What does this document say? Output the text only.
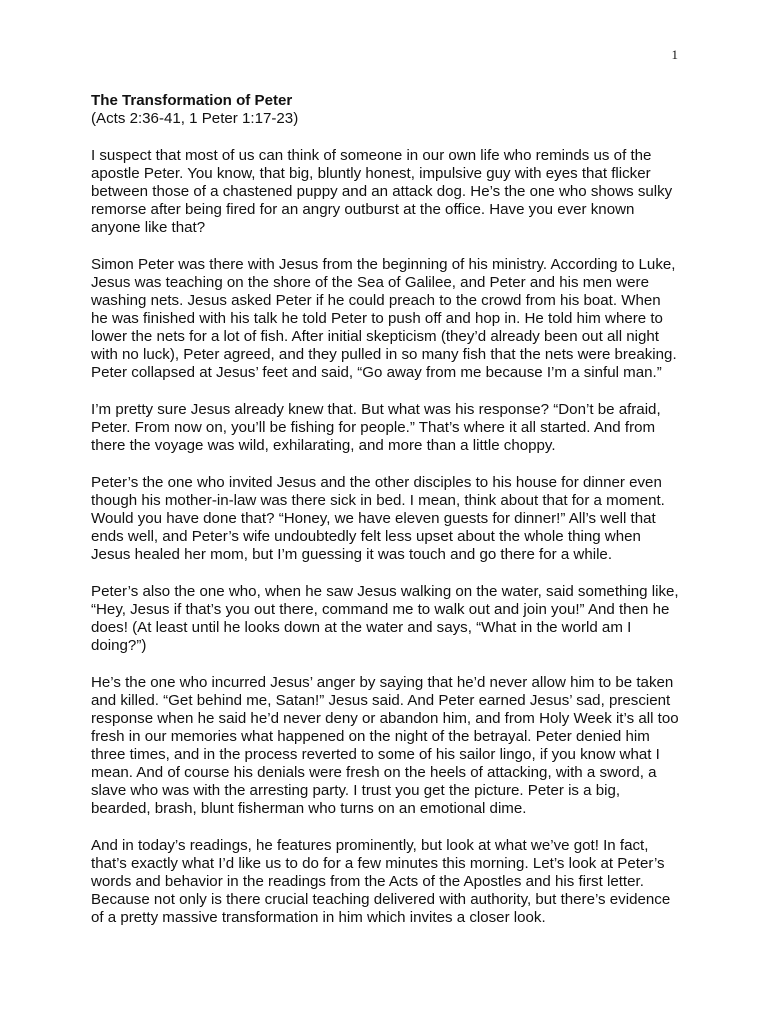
1

The Transformation of Peter

(Acts 2:36-41, 1 Peter 1:17-23)

I suspect that most of us can think of someone in our own life who reminds us of the
apostle Peter. You know, that big, bluntly honest, impulsive guy with eyes that flicker
between those of a chastened puppy and an attack dog. He’s the one who shows sulky
remorse after being fired for an angry outburst at the office. Have you ever known
anyone like that?

Simon Peter was there with Jesus from the beginning of his ministry. According to Luke,
Jesus was teaching on the shore of the Sea of Galilee, and Peter and his men were
washing nets. Jesus asked Peter if he could preach to the crowd from his boat. When
he was finished with his talk he told Peter to push off and hop in. He told him where to
lower the nets for a lot of fish. After initial skepticism (they’d already been out all night
with no luck), Peter agreed, and they pulled in so many fish that the nets were breaking.
Peter collapsed at Jesus’ feet and said, “Go away from me because I’m a sinful man.”

I’m pretty sure Jesus already knew that. But what was his response? “Don’t be afraid,
Peter. From now on, you’ll be fishing for people.” That’s where it all started. And from
there the voyage was wild, exhilarating, and more than a little choppy.

Peter’s the one who invited Jesus and the other disciples to his house for dinner even
though his mother-in-law was there sick in bed. I mean, think about that for a moment.
Would you have done that? “Honey, we have eleven guests for dinner!” All’s well that
ends well, and Peter’s wife undoubtedly felt less upset about the whole thing when
Jesus healed her mom, but I’m guessing it was touch and go there for a while.

Peter’s also the one who, when he saw Jesus walking on the water, said something like,
“Hey, Jesus if that’s you out there, command me to walk out and join you!” And then he
does! (At least until he looks down at the water and says, “What in the world am I
doing?”)

He’s the one who incurred Jesus’ anger by saying that he’d never allow him to be taken
and killed. “Get behind me, Satan!” Jesus said. And Peter earned Jesus’ sad, prescient
response when he said he’d never deny or abandon him, and from Holy Week it’s all too
fresh in our memories what happened on the night of the betrayal. Peter denied him
three times, and in the process reverted to some of his sailor lingo, if you know what I
mean. And of course his denials were fresh on the heels of attacking, with a sword, a
slave who was with the arresting party. I trust you get the picture. Peter is a big,
bearded, brash, blunt fisherman who turns on an emotional dime.

And in today’s readings, he features prominently, but look at what we’ve got! In fact,
that’s exactly what I’d like us to do for a few minutes this morning. Let’s look at Peter’s
words and behavior in the readings from the Acts of the Apostles and his first letter.
Because not only is there crucial teaching delivered with authority, but there’s evidence
of a pretty massive transformation in him which invites a closer look.
